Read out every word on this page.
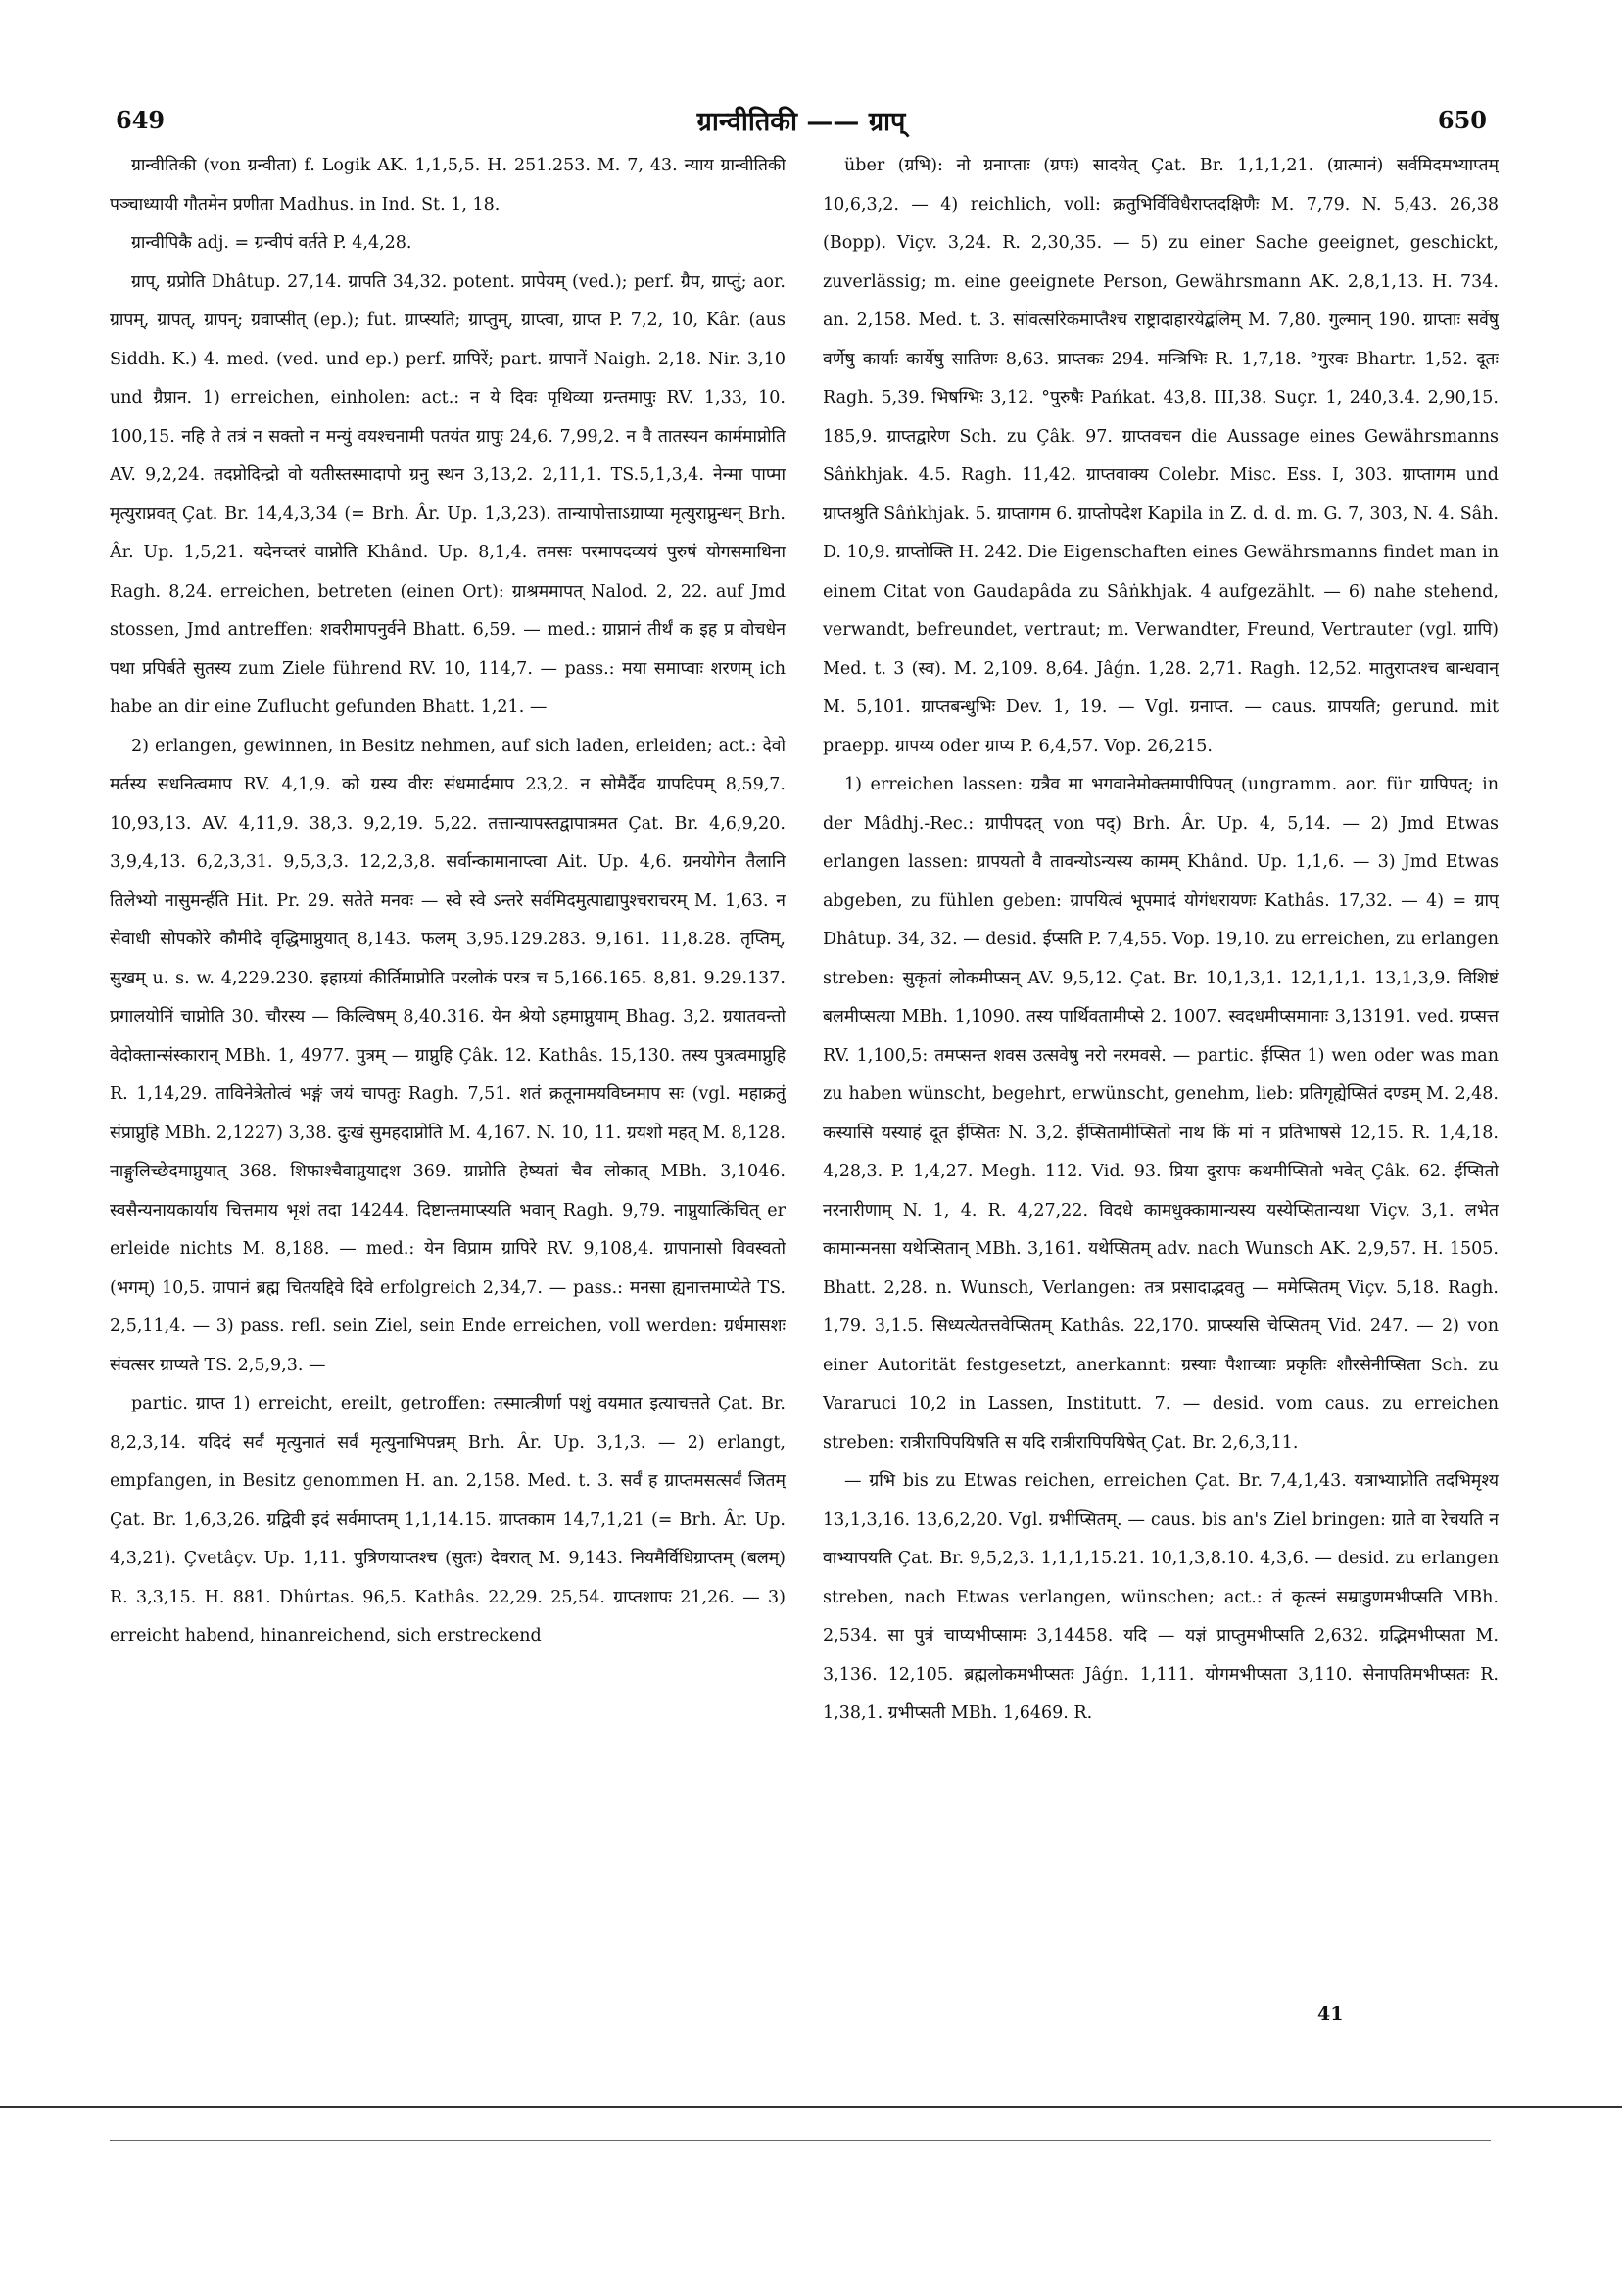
649	ग्रान्वीतिकी —— ग्राप्	650

ग्रान्वीतिकी (von ग्रन्वीता) f. Logik AK. 1,1,5,5. H. 251.253. M. 7, 43. न्याय ग्रान्वीतिकी पञ्चाध्यायी गौतमेन प्रणीता Madhus. in Ind. St. 1, 18.

ग्रान्वीपिकै adj. = ग्रन्वीपं वर्तते P. 4,4,28.

ग्राप्, ग्रप्रोति Dhâtup. 27,14. ग्रापति 34,32. potent. प्रापेयम् (ved.); perf. ग्रैप, ग्राप्तुं; aor. ग्रापम्, ग्रापत्, ग्रापन्; ग्रवाप्सीत् (ep.); fut. ग्राप्स्यति; ग्राप्तुम्, ग्राप्त्वा, ग्राप्त P. 7,2, 10, Kâr. (aus Siddh. K.) 4. med. (ved. und ep.) perf. ग्रापिरें; part. ग्रापानें Naigh. 2,18. Nir. 3,10 und ग्रैप्रान. 1) erreichen, einholen: act.: न ये दिवः पृथिव्या ग्रन्तमापुः RV. 1,33, 10. 100,15. नहि ते तत्रं न सक्तो न मन्युं वयश्चनामी पतयंत ग्रापुः 24,6. 7,99,2. न वै तातस्यन कार्ममाप्नोति AV. 9,2,24. तदप्नोदिन्द्रो वो यतीस्तस्मादापो ग्रनु स्थन 3,13,2. 2,11,1. TS.5,1,3,4. नेन्मा पाप्मा मृत्युराप्नवत् Çat. Br. 14,4,3,34 (= Brh. Âr. Up. 1,3,23). तान्यापोत्ताऽग्राप्या मृत्युराप्नुन्धन् Brh. Âr. Up. 1,5,21. यदेनच्तरं वाप्नोति Khând. Up. 8,1,4. तमसः परमापदव्ययं पुरुषं योगसमाधिना Ragh. 8,24. erreichen, betreten (einen Ort): ग्राश्रममापत् Nalod. 2, 22. auf Jmd stossen, Jmd antreffen: शवरीमापनुर्वने Bhatt. 6,59. — med.: ग्राप्नानं तीर्थं क इह प्र वोचधेन पथा प्रपिर्बते सुतस्य zum Ziele führend RV. 10, 114,7. — pass.: मया समाप्वाः शरणम् ich habe an dir eine Zuflucht gefunden Bhatt. 1,21. —

2) erlangen, gewinnen, in Besitz nehmen, auf sich laden, erleiden; act.: देवो मर्तस्य सधनित्वमाप RV. 4,1,9. को ग्रस्य वीरः संधमार्दमाप 23,2. न सोमैर्दैव ग्रापदिपम् 8,59,7. 10,93,13. AV. 4,11,9. 38,3. 9,2,19. 5,22. तत्तान्यापस्तद्वापात्रमत Çat. Br. 4,6,9,20. 3,9,4,13. 6,2,3,31. 9,5,3,3. 12,2,3,8. सर्वान्कामानाप्त्वा Ait. Up. 4,6. ग्रनयोगेन तैलानि तिलेभ्यो नासुमर्न्हति Hit. Pr. 29. सतेते मनवः — स्वे स्वे ऽन्तरे सर्वमिदमुत्पाद्यापुश्चराचरम् M. 1,63. न सेवाधी सोपकोरे कौमीदे वृद्धिमाप्नुयात् 8,143. फलम् 3,95.129.283. 9,161. 11,8.28. तृप्तिम्, सुखम् u. s. w. 4,229.230. इहाग्र्यां कीर्तिमाप्नोति परलोकं परत्र च 5,166.165. 8,81. 9.29.137. प्रगालयोनिं चाप्नोति 30. चौरस्य — किल्विषम् 8,40.316. येन श्रेयो ऽहमाप्नुयाम् Bhag. 3,2. ग्रयातवन्तो वेदोक्तान्संस्कारान् MBh. 1, 4977. पुत्रम् — ग्राप्नुहि Çâk. 12. Kathâs. 15,130. तस्य पुत्रत्वमाप्नुहि R. 1,14,29. ताविनेत्रेतोत्वं भङ्गं जयं चापतुः Ragh. 7,51. शतं क्रतूनामयविघ्नमाप सः (vgl. महाक्रतुं संप्राप्नुहि MBh. 2,1227) 3,38. दुःखं सुमहदाप्नोति M. 4,167. N. 10, 11. ग्रयशो महत् M. 8,128. नाङ्गुलिच्छेदमाप्नुयात् 368. शिफाश्चैवाप्नुयाद्दश 369. ग्राप्नोति हेष्यतां चैव लोकात् MBh. 3,1046. स्वसैन्यनायकार्याय चित्तमाय भृशं तदा 14244. दिष्टान्तमाप्स्यति भवान् Ragh. 9,79. नाप्नुयात्किंचित् er erleide nichts M. 8,188. — med.: येन विप्राम ग्रापिरे RV. 9,108,4. ग्रापानासो विवस्वतो (भगम्) 10,5. ग्रापानं ब्रह्म चितयद्दिवे दिवे erfolgreich 2,34,7. — pass.: मनसा ह्यनात्तमाप्येते TS. 2,5,11,4. — 3) pass. refl. sein Ziel, sein Ende erreichen, voll werden: ग्रर्धमासशः संवत्सर ग्राप्यते TS. 2,5,9,3. —

partic. ग्राप्त 1) erreicht, ereilt, getroffen: तस्मात्त्रीर्णा पशुं वयमात इत्याचत्तते Çat. Br. 8,2,3,14. यदिदं सर्वं मृत्युनातं सर्वं मृत्युनाभिपन्नम् Brh. Âr. Up. 3,1,3. — 2) erlangt, empfangen, in Besitz genommen H. an. 2,158. Med. t. 3. सर्वं ह ग्राप्तमसत्सर्वं जितम् Çat. Br. 1,6,3,26. ग्रद्विवी इदं सर्वमाप्तम् 1,1,14.15. ग्राप्तकाम 14,7,1,21 (= Brh. Âr. Up. 4,3,21). Çvetâçv. Up. 1,11. पुत्रिणयाप्तश्च (सुतः) देवरात् M. 9,143. नियमैर्विधिग्राप्तम् (बलम्) R. 3,3,15. H. 881. Dhûrtas. 96,5. Kathâs. 22,29. 25,54. ग्राप्तशापः 21,26. — 3) erreicht habend, hinanreichend, sich erstreckend

über (ग्रभि): नो ग्रनाप्ताः (ग्रपः) सादयेत् Çat. Br. 1,1,1,21. (ग्रात्मानं) सर्वमिदमभ्याप्तम् 10,6,3,2. — 4) reichlich, voll: क्रतुभिर्विविधैराप्तदक्षिणैः M. 7,79. N. 5,43. 26,38 (Bopp). Viçv. 3,24. R. 2,30,35. — 5) zu einer Sache geeignet, geschickt, zuverlässig; m. eine geeignete Person, Gewährsmann AK. 2,8,1,13. H. 734. an. 2,158. Med. t. 3. सांवत्सरिकमाप्तैश्च राष्ट्रादाहारयेद्बलिम् M. 7,80. गुल्मान् 190. ग्राप्ताः सर्वेषु वर्णेषु कार्याः कार्येषु सातिणः 8,63. प्राप्तकः 294. मन्त्रिभिः R. 1,7,18. °गुरवः Bhartr. 1,52. दूतः Ragh. 5,39. भिषग्भिः 3,12. °पुरुषैः Pańkat. 43,8. III,38. Suçr. 1, 240,3.4. 2,90,15. 185,9. ग्राप्तद्वारेण Sch. zu Çâk. 97. ग्राप्तवचन die Aussage eines Gewährsmanns Sâṅkhjak. 4.5. Ragh. 11,42. ग्राप्तवाक्य Colebr. Misc. Ess. I, 303. ग्राप्तागम und ग्राप्तश्रुति Sâṅkhjak. 5. ग्राप्तागम 6. ग्राप्तोपदेश Kapila in Z. d. d. m. G. 7, 303, N. 4. Sâh. D. 10,9. ग्राप्तोक्ति H. 242. Die Eigenschaften eines Gewährsmanns findet man in einem Citat von Gaudapâda zu Sâṅkhjak. 4 aufgezählt. — 6) nahe stehend, verwandt, befreundet, vertraut; m. Verwandter, Freund, Vertrauter (vgl. ग्रापि) Med. t. 3 (स्व). M. 2,109. 8,64. Jâǵn. 1,28. 2,71. Ragh. 12,52. मातुराप्तश्च बान्धवान् M. 5,101. ग्राप्तबन्धुभिः Dev. 1, 19. — Vgl. ग्रनाप्त. — caus. ग्रापयति; gerund. mit praepp. ग्रापय्य oder ग्राप्य P. 6,4,57. Vop. 26,215.

1) erreichen lassen: ग्रत्रैव मा भगवानेमोक्तमापीपिपत् (ungramm. aor. für ग्रापिपत्; in der Mâdhj.-Rec.: ग्रापीपदत् von पद्) Brh. Âr. Up. 4, 5,14. — 2) Jmd Etwas erlangen lassen: ग्रापयतो वै तावन्योऽन्यस्य कामम् Khând. Up. 1,1,6. — 3) Jmd Etwas abgeben, zu fühlen geben: ग्रापयित्वं भूपमादं योगंधरायणः Kathâs. 17,32. — 4) = ग्राप् Dhâtup. 34, 32. — desid. ईप्सति P. 7,4,55. Vop. 19,10. zu erreichen, zu erlangen streben: सुकृतां लोकमीप्सन् AV. 9,5,12. Çat. Br. 10,1,3,1. 12,1,1,1. 13,1,3,9. विशिष्टं बलमीप्सत्या MBh. 1,1090. तस्य पार्थिवतामीप्से 2. 1007. स्वदधमीप्समानाः 3,13191. ved. ग्रप्सत्त RV. 1,100,5: तमप्सन्त शवस उत्सवेषु नरो नरमवसे. — partic. ईप्सित 1) wen oder was man zu haben wünscht, begehrt, erwünscht, genehm, lieb: प्रतिगृह्येप्सितं दण्डम् M. 2,48. कस्यासि यस्याहं दूत ईप्सितः N. 3,2. ईप्सितामीप्सितो नाथ किं मां न प्रतिभाषसे 12,15. R. 1,4,18. 4,28,3. P. 1,4,27. Megh. 112. Vid. 93. प्रिया दुरापः कथमीप्सितो भवेत् Çâk. 62. ईप्सितो नरनारीणाम् N. 1, 4. R. 4,27,22. विदधे कामधुक्कामान्यस्य यस्येप्सितान्यथा Viçv. 3,1. लभेत कामान्मनसा यथेप्सितान् MBh. 3,161. यथेप्सितम् adv. nach Wunsch AK. 2,9,57. H. 1505. Bhatt. 2,28. n. Wunsch, Verlangen: तत्र प्रसादाद्भवतु — ममेप्सितम् Viçv. 5,18. Ragh. 1,79. 3,1.5. सिध्यत्येतत्तवेप्सितम् Kathâs. 22,170. प्राप्स्यसि चेप्सितम् Vid. 247. — 2) von einer Autorität festgesetzt, anerkannt: ग्रस्याः पैशाच्याः प्रकृतिः शौरसेनीप्सिता Sch. zu Vararuci 10,2 in Lassen, Institutt. 7. — desid. vom caus. zu erreichen streben: रात्रीरापिपयिषति स यदि रात्रीरापिपयिषेत् Çat. Br. 2,6,3,11.

— ग्रभि bis zu Etwas reichen, erreichen Çat. Br. 7,4,1,43. यत्राभ्याप्नोति तदभिमृश्य 13,1,3,16. 13,6,2,20. Vgl. ग्रभीप्सितम्. — caus. bis an's Ziel bringen: ग्राते वा रेचयति न वाभ्यापयति Çat. Br. 9,5,2,3. 1,1,1,15.21. 10,1,3,8.10. 4,3,6. — desid. zu erlangen streben, nach Etwas verlangen, wünschen; act.: तं कृत्स्नं सम्राडुणमभीप्सति MBh. 2,534. सा पुत्रं चाप्यभीप्सामः 3,14458. यदि — यज्ञं प्राप्तुमभीप्सति 2,632. ग्रद्भिमभीप्सता M. 3,136. 12,105. ब्रह्मलोकमभीप्सतः Jâǵn. 1,111. योगमभीप्सता 3,110. सेनापतिमभीप्सतः R. 1,38,1. ग्रभीप्सती MBh. 1,6469. R.

41
